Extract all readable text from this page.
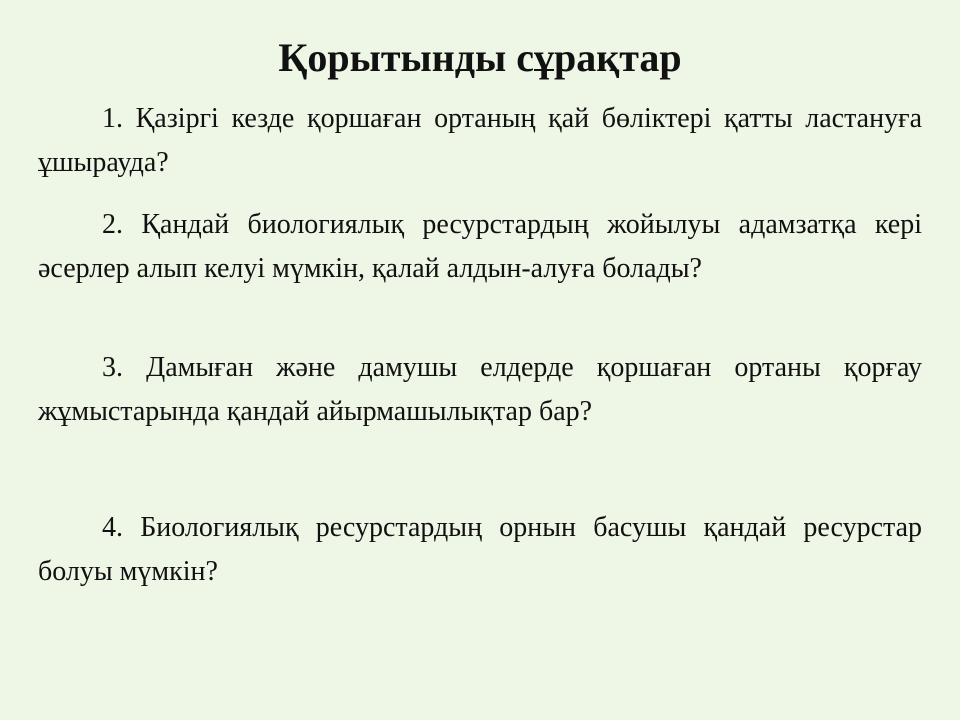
Қорытынды сұрақтар

1. Қазіргі кезде қоршаған ортаның қай бөліктері қатты ластануға ұшырауда?

2. Қандай биологиялық ресурстардың жойылуы адамзатқа кері әсерлер алып келуі мүмкін, қалай алдын-алуға болады?

3. Дамыған және дамушы елдерде қоршаған ортаны қорғау жұмыстарында қандай айырмашылықтар бар?

4. Биологиялық ресурстардың орнын басушы қандай ресурстар болуы мүмкін?
